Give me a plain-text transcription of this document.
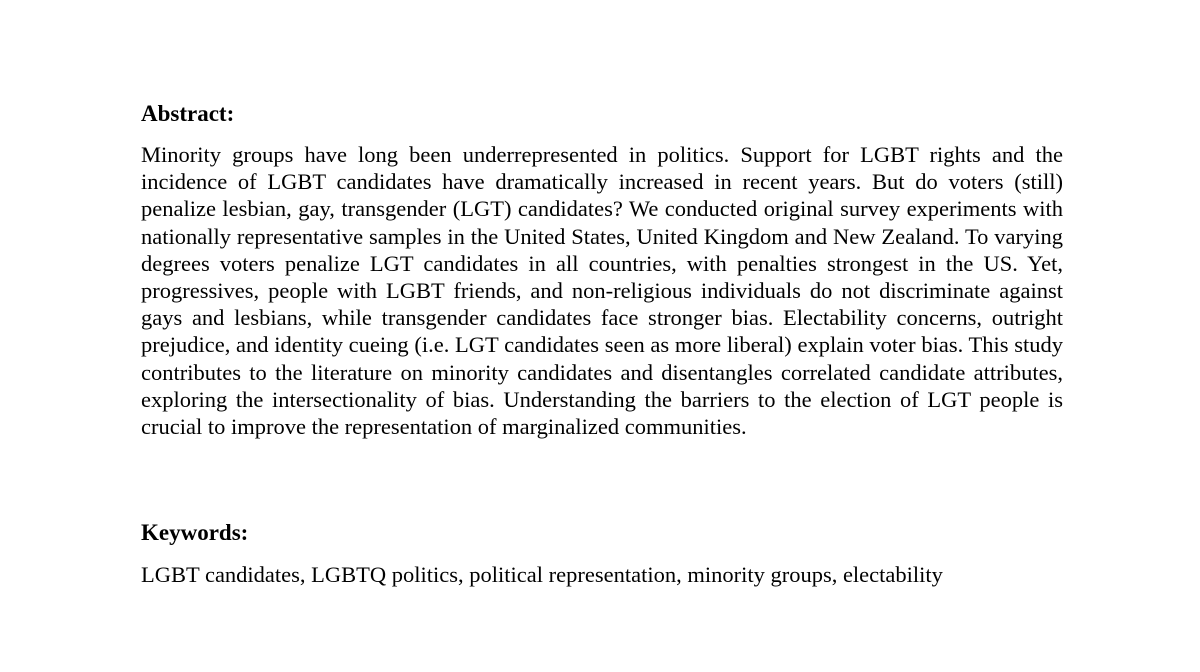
Abstract:

Minority groups have long been underrepresented in politics. Support for LGBT rights and the incidence of LGBT candidates have dramatically increased in recent years. But do voters (still) penalize lesbian, gay, transgender (LGT) candidates? We conducted original survey experiments with nationally representative samples in the United States, United Kingdom and New Zealand. To varying degrees voters penalize LGT candidates in all countries, with penalties strongest in the US. Yet, progressives, people with LGBT friends, and non-religious individuals do not discriminate against gays and lesbians, while transgender candidates face stronger bias. Electability concerns, outright prejudice, and identity cueing (i.e. LGT candidates seen as more liberal) explain voter bias. This study contributes to the literature on minority candidates and disentangles correlated candidate attributes, exploring the intersectionality of bias. Understanding the barriers to the election of LGT people is crucial to improve the representation of marginalized communities.

Keywords:

LGBT candidates, LGBTQ politics, political representation, minority groups, electability
